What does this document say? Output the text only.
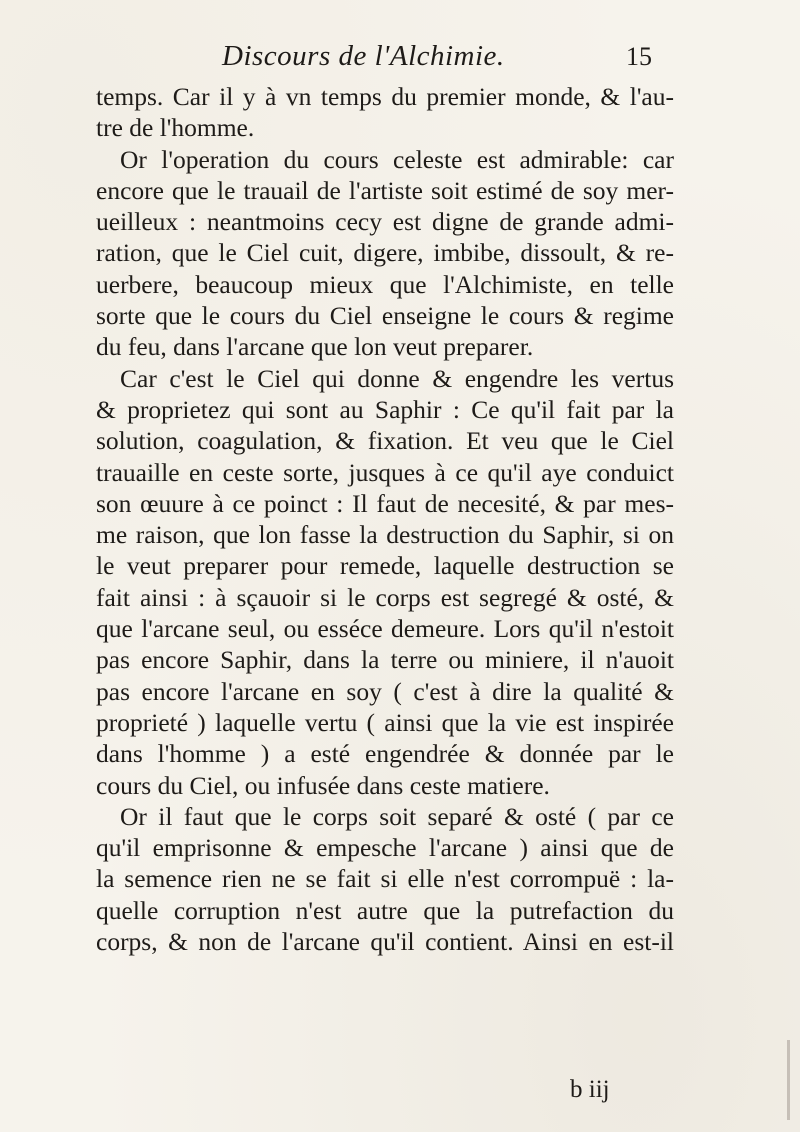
Discours de l'Alchimie.	15
temps. Car il y à vn temps du premier monde, & l'au-
tre de l'homme.
Or l'operation du cours celeste est admirable: car
encore que le trauail de l'artiste soit estimé de soy mer-
ueilleux : neantmoins cecy est digne de grande admi-
ration, que le Ciel cuit, digere, imbibe, dissoult, & re-
uerbere, beaucoup mieux que l'Alchimiste, en telle
sorte que le cours du Ciel enseigne le cours & regime
du feu, dans l'arcane que lon veut preparer.
Car c'est le Ciel qui donne & engendre les vertus
& proprietez qui sont au Saphir : Ce qu'il fait par la
solution, coagulation, & fixation. Et veu que le Ciel
trauaille en ceste sorte, jusques à ce qu'il aye conduict
son œuure à ce poinct : Il faut de necesité, & par mes-
me raison, que lon fasse la destruction du Saphir, si on
le veut preparer pour remede, laquelle destruction se
fait ainsi : à sçauoir si le corps est segregé & osté, &
que l'arcane seul, ou esséce demeure. Lors qu'il n'estoit
pas encore Saphir, dans la terre ou miniere, il n'auoit
pas encore l'arcane en soy ( c'est à dire la qualité &
proprieté ) laquelle vertu ( ainsi que la vie est inspirée
dans l'homme ) a esté engendrée & donnée par le
cours du Ciel, ou infusée dans ceste matiere.
Or il faut que le corps soit separé & osté ( par ce
qu'il emprisonne & empesche l'arcane ) ainsi que de
la semence rien ne se fait si elle n'est corrompuë : la-
quelle corruption n'est autre que la putrefaction du
corps, & non de l'arcane qu'il contient. Ainsi en est-il
b iij
